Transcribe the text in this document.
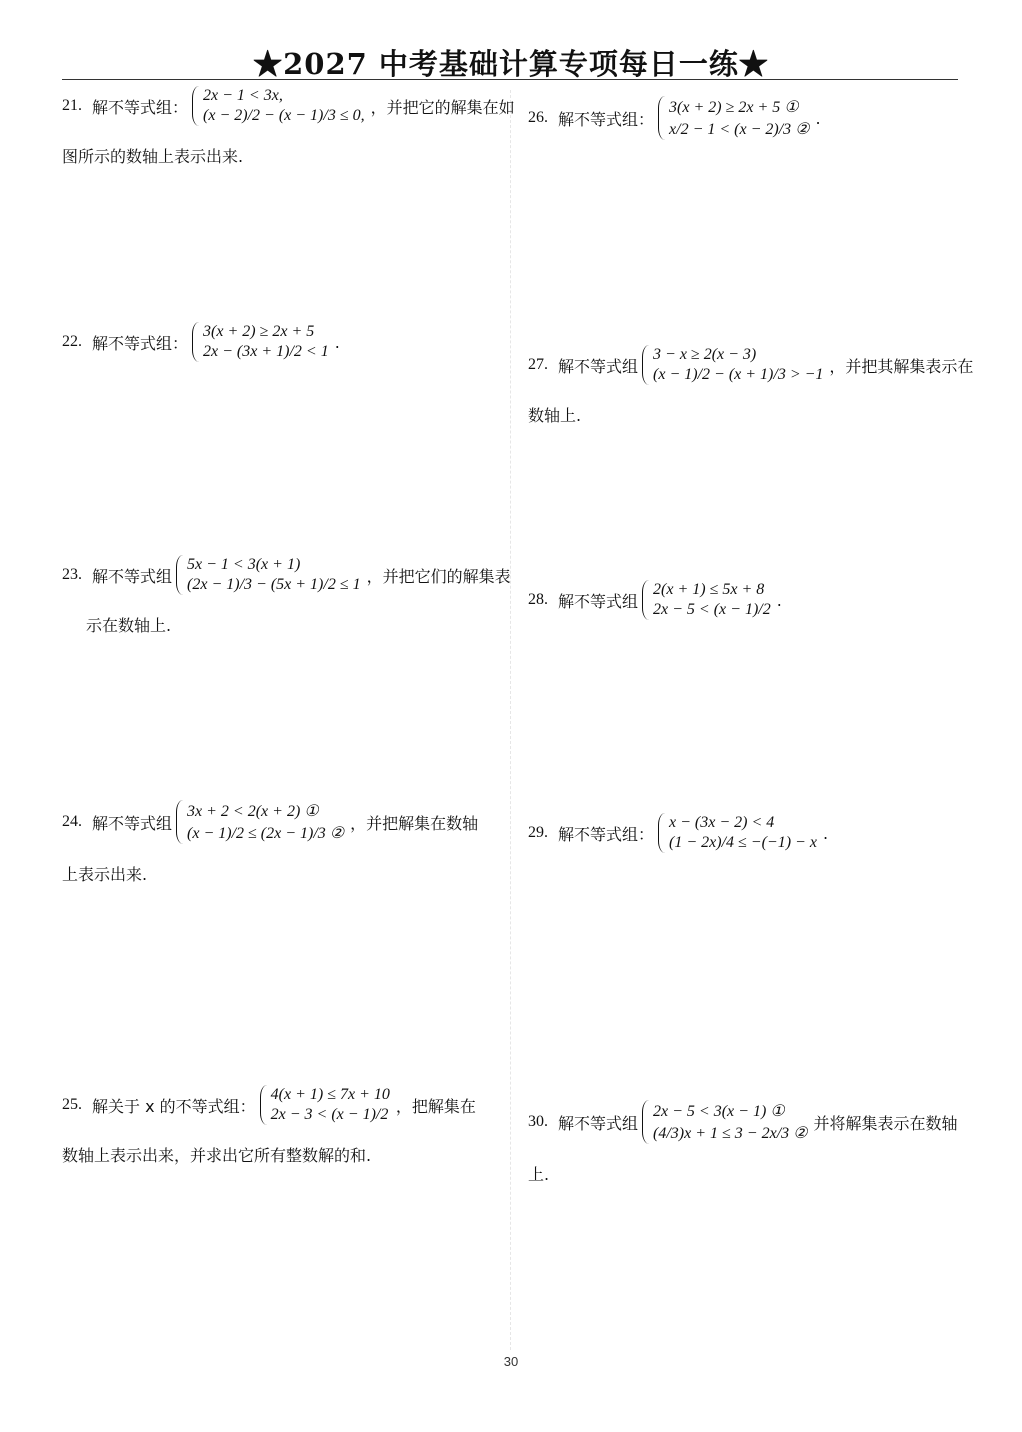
★2027 中考基础计算专项每日一练★
21. 解不等式组：
2x − 1 < 3x,
(x − 2)/2 − (x − 1)/3 ≤ 0, ，并把它的解集在如
图所示的数轴上表示出来.
22. 解不等式组：
3(x + 2) ≥ 2x + 5
2x − (3x + 1)/2 < 1 .
23. 解不等式组
5x − 1 < 3(x + 1)
(2x − 1)/3 − (5x + 1)/2 ≤ 1 ，并把它们的解集表
示在数轴上.
24. 解不等式组
3x + 2 < 2(x + 2) ①
(x − 1)/2 ≤ (2x − 1)/3 ②
，并把解集在数轴
上表示出来.
25. 解关于 x 的不等式组：
4(x + 1) ≤ 7x + 10
2x − 3 < (x − 1)/2 ，把解集在
数轴上表示出来，并求出它所有整数解的和.
26. 解不等式组：
3(x + 2) ≥ 2x + 5 ①
x/2 − 1 < (x − 2)/3 ②
.
27. 解不等式组
3 − x ≥ 2(x − 3)
(x − 1)/2 − (x + 1)/3 > −1 ，并把其解集表示在
数轴上.
28. 解不等式组
2(x + 1) ≤ 5x + 8
2x − 5 < (x − 1)/2 .
29. 解不等式组：
x − (3x − 2) < 4
(1 − 2x)/4 ≤ −(−1) − x .
30. 解不等式组
2x − 5 < 3(x − 1) ①
(4/3)x + 1 ≤ 3 − 2x/3 ②
并将解集表示在数轴
上.
30
